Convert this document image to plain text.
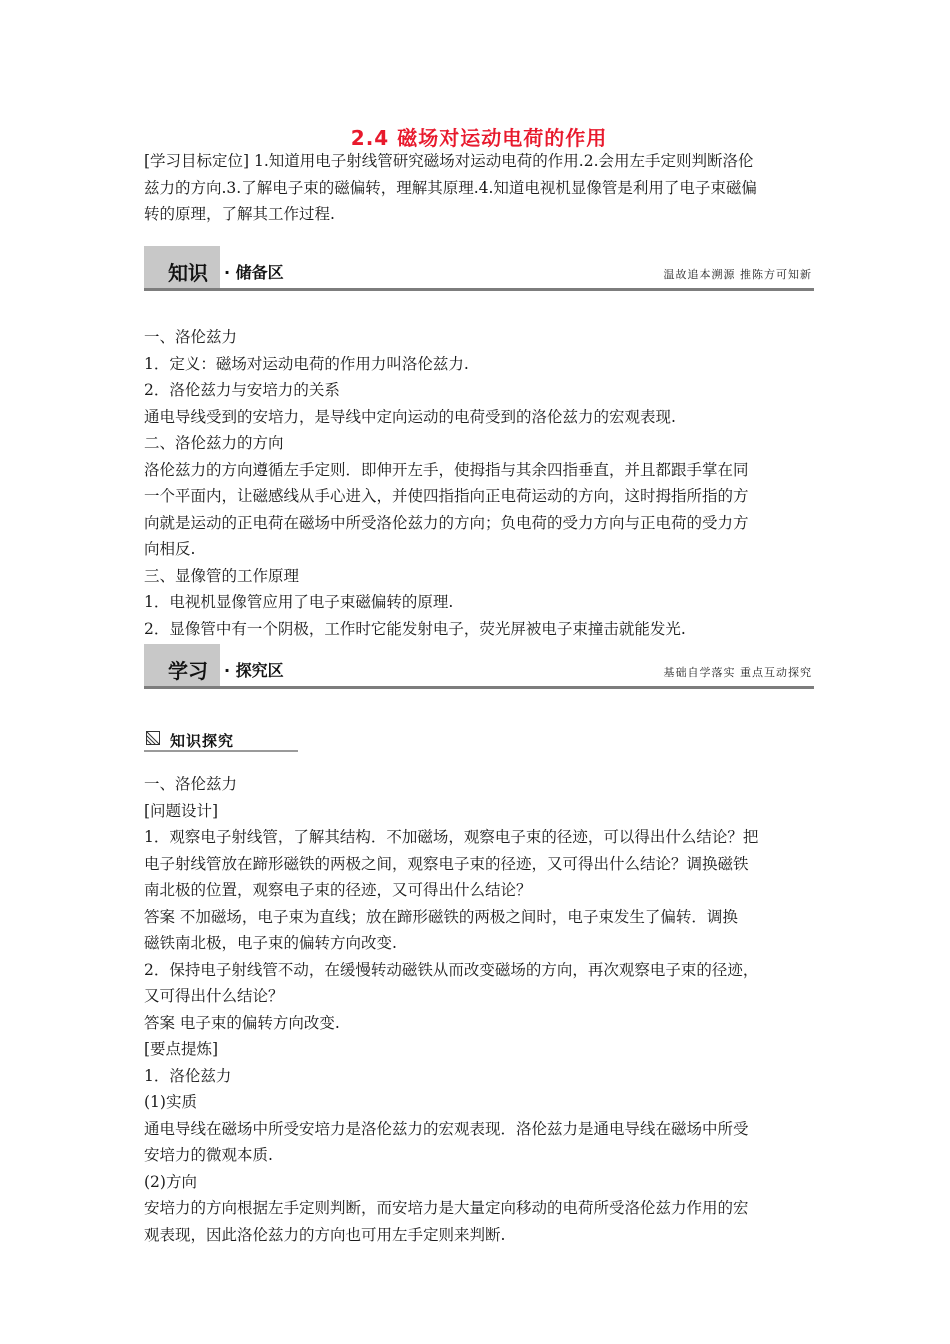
2.4 磁场对运动电荷的作用
[学习目标定位] 1.知道用电子射线管研究磁场对运动电荷的作用.2.会用左手定则判断洛伦
兹力的方向.3.了解电子束的磁偏转，理解其原理.4.知道电视机显像管是利用了电子束磁偏
转的原理，了解其工作过程.
知识 · 储备区	温故追本溯源 推陈方可知新
一、洛伦兹力
1．定义：磁场对运动电荷的作用力叫洛伦兹力.
2．洛伦兹力与安培力的关系
通电导线受到的安培力，是导线中定向运动的电荷受到的洛伦兹力的宏观表现.
二、洛伦兹力的方向
洛伦兹力的方向遵循左手定则．即伸开左手，使拇指与其余四指垂直，并且都跟手掌在同
一个平面内，让磁感线从手心进入，并使四指指向正电荷运动的方向，这时拇指所指的方
向就是运动的正电荷在磁场中所受洛伦兹力的方向；负电荷的受力方向与正电荷的受力方
向相反.
三、显像管的工作原理
1．电视机显像管应用了电子束磁偏转的原理.
2．显像管中有一个阴极，工作时它能发射电子，荧光屏被电子束撞击就能发光.
学习 · 探究区	基础自学落实 重点互动探究
知识探究
一、洛伦兹力
[问题设计]
1．观察电子射线管，了解其结构．不加磁场，观察电子束的径迹，可以得出什么结论？把
电子射线管放在蹄形磁铁的两极之间，观察电子束的径迹，又可得出什么结论？调换磁铁
南北极的位置，观察电子束的径迹，又可得出什么结论？
答案 不加磁场，电子束为直线；放在蹄形磁铁的两极之间时，电子束发生了偏转．调换
磁铁南北极，电子束的偏转方向改变.
2．保持电子射线管不动，在缓慢转动磁铁从而改变磁场的方向，再次观察电子束的径迹，
又可得出什么结论？
答案 电子束的偏转方向改变.
[要点提炼]
1．洛伦兹力
(1)实质
通电导线在磁场中所受安培力是洛伦兹力的宏观表现．洛伦兹力是通电导线在磁场中所受
安培力的微观本质.
(2)方向
安培力的方向根据左手定则判断，而安培力是大量定向移动的电荷所受洛伦兹力作用的宏
观表现，因此洛伦兹力的方向也可用左手定则来判断.
